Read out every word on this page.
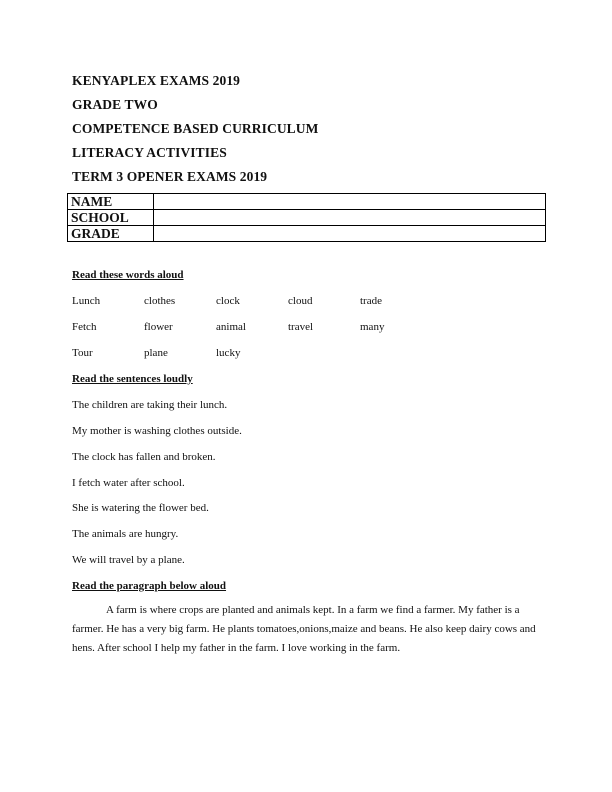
KENYAPLEX EXAMS 2019
GRADE TWO
COMPETENCE BASED CURRICULUM
LITERACY ACTIVITIES
TERM 3 OPENER EXAMS 2019
NAME	
SCHOOL	
GRADE	
Read these words aloud
Lunch	clothes	clock	cloud	trade
Fetch	flower	animal	travel	many
Tour	plane	lucky
Read the sentences loudly
The children are taking their lunch.
My mother is washing clothes outside.
The clock has fallen and broken.
I fetch water after school.
She is watering the flower bed.
The animals are hungry.
We will travel by a plane.
Read the paragraph below aloud
A farm is where crops are planted and animals kept. In a farm we find a farmer. My father is a farmer. He has a very big farm. He plants tomatoes,onions,maize and beans. He also keep dairy cows and hens. After school I help my father in the farm. I love working in the farm.
